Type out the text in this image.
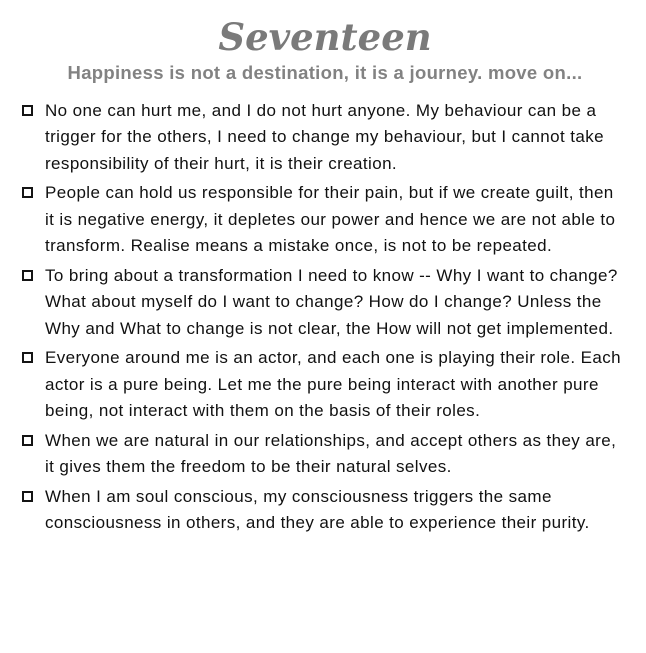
Seventeen
Happiness is not a destination, it is a journey. move on...
No one can hurt me, and I do not hurt anyone. My behaviour can be a trigger for the others, I need to change my behaviour, but I cannot take responsibility of their hurt, it is their creation.
People can hold us responsible for their pain, but if we create guilt, then it is negative energy, it depletes our power and hence we are not able to transform. Realise means a mistake once, is not to be repeated.
To bring about a transformation I need to know -- Why I want to change? What about myself do I want to change? How do I change? Unless the Why and What to change is not clear, the How will not get implemented.
Everyone around me is an actor, and each one is playing their role. Each actor is a pure being. Let me the pure being interact with another pure being, not interact with them on the basis of their roles.
When we are natural in our relationships, and accept others as they are, it gives them the freedom to be their natural selves.
When I am soul conscious, my consciousness triggers the same consciousness in others, and they are able to experience their purity.
